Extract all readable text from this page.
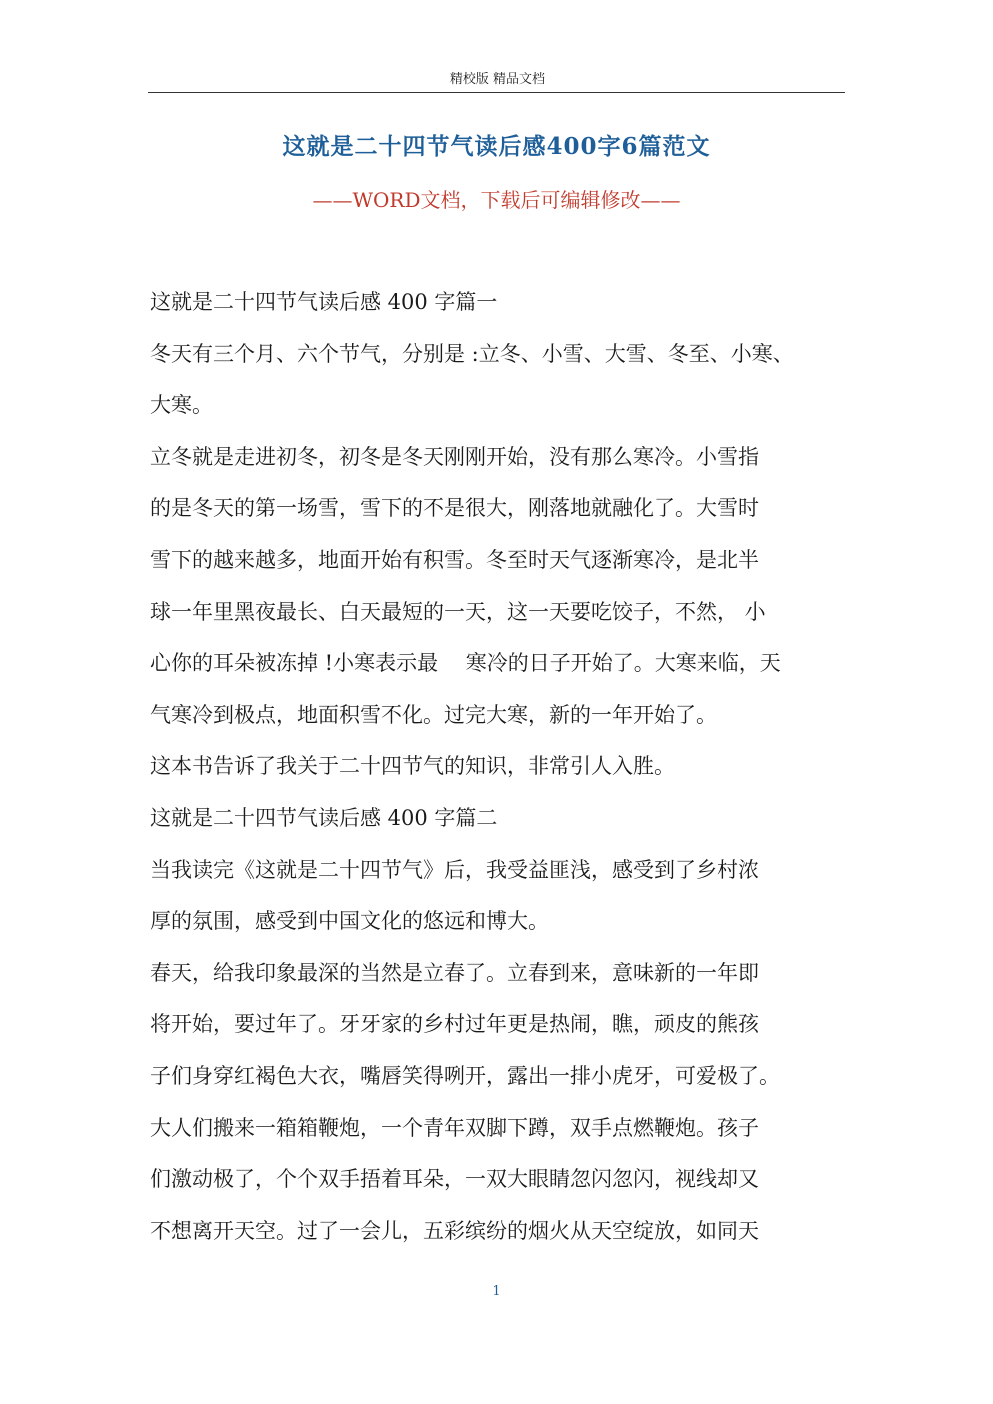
精校版 精品文档
这就是二十四节气读后感400字6篇范文
——WORD文档，下载后可编辑修改——
这就是二十四节气读后感 400 字篇一
冬天有三个月、六个节气，分别是 :立冬、小雪、大雪、冬至、小寒、
大寒。
立冬就是走进初冬，初冬是冬天刚刚开始，没有那么寒冷。小雪指
的是冬天的第一场雪，雪下的不是很大，刚落地就融化了。大雪时
雪下的越来越多，地面开始有积雪。冬至时天气逐渐寒冷，是北半
球一年里黑夜最长、白天最短的一天，这一天要吃饺子，不然， 小
心你的耳朵被冻掉 !小寒表示最　 寒冷的日子开始了。大寒来临，天
气寒冷到极点，地面积雪不化。过完大寒，新的一年开始了。
这本书告诉了我关于二十四节气的知识，非常引人入胜。
这就是二十四节气读后感 400 字篇二
当我读完《这就是二十四节气》后，我受益匪浅，感受到了乡村浓
厚的氛围，感受到中国文化的悠远和博大。
春天，给我印象最深的当然是立春了。立春到来，意味新的一年即
将开始，要过年了。牙牙家的乡村过年更是热闹，瞧，顽皮的熊孩
子们身穿红褐色大衣，嘴唇笑得咧开，露出一排小虎牙，可爱极了。
大人们搬来一箱箱鞭炮，一个青年双脚下蹲，双手点燃鞭炮。孩子
们激动极了，个个双手捂着耳朵，一双大眼睛忽闪忽闪，视线却又
不想离开天空。过了一会儿，五彩缤纷的烟火从天空绽放，如同天
1
